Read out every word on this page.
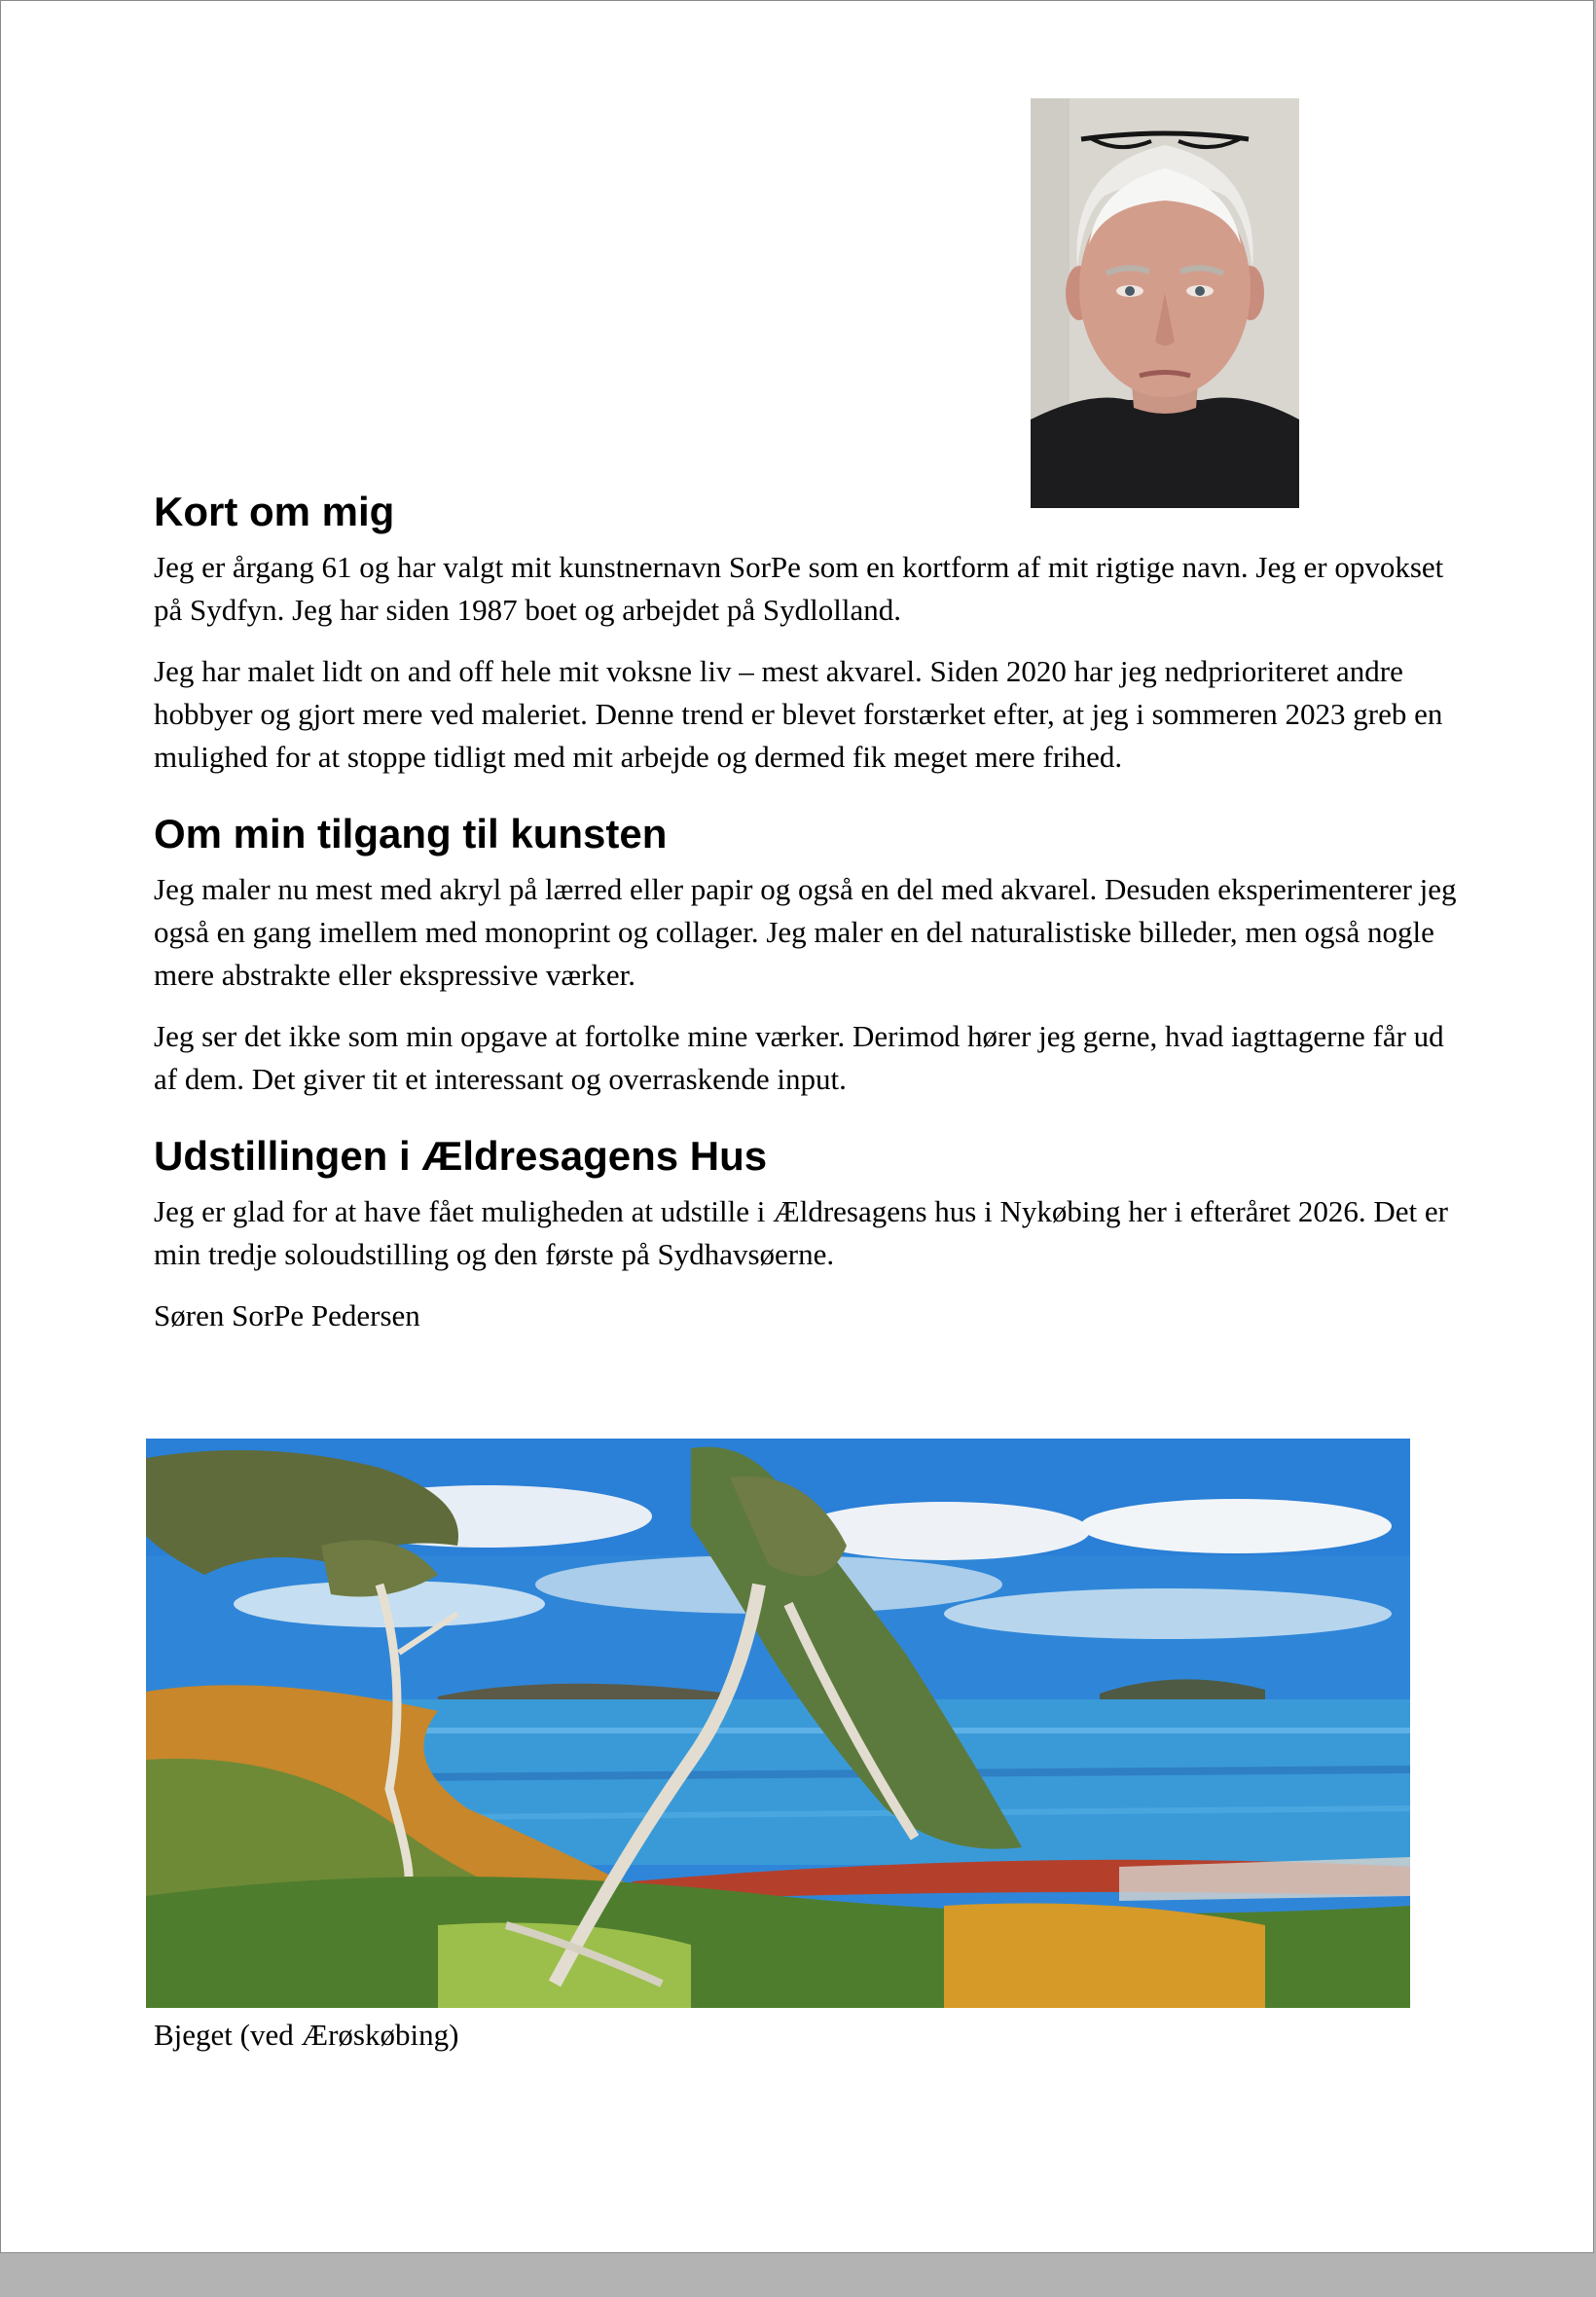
Kort om mig

Jeg er årgang 61 og har valgt mit kunstnernavn SorPe som en kortform af mit rigtige navn. Jeg er opvokset på Sydfyn. Jeg har siden 1987 boet og arbejdet på Sydlolland.

Jeg har malet lidt on and off hele mit voksne liv – mest akvarel. Siden 2020 har jeg nedprioriteret andre hobbyer og gjort mere ved maleriet. Denne trend er blevet forstærket efter, at jeg i sommeren 2023 greb en mulighed for at stoppe tidligt med mit arbejde og dermed fik meget mere frihed.

Om min tilgang til kunsten

Jeg maler nu mest med akryl på lærred eller papir og også en del med akvarel. Desuden eksperimenterer jeg også en gang imellem med monoprint og collager. Jeg maler en del naturalistiske billeder, men også nogle mere abstrakte eller ekspressive værker.

Jeg ser det ikke som min opgave at fortolke mine værker. Derimod hører jeg gerne, hvad iagttagerne får ud af dem. Det giver tit et interessant og overraskende input.

Udstillingen i Ældresagens Hus

Jeg er glad for at have fået muligheden at udstille i Ældresagens hus i Nykøbing her i efteråret 2026. Det er min tredje soloudstilling og den første på Sydhavsøerne.

Søren SorPe Pedersen

Bjeget (ved Ærøskøbing)
